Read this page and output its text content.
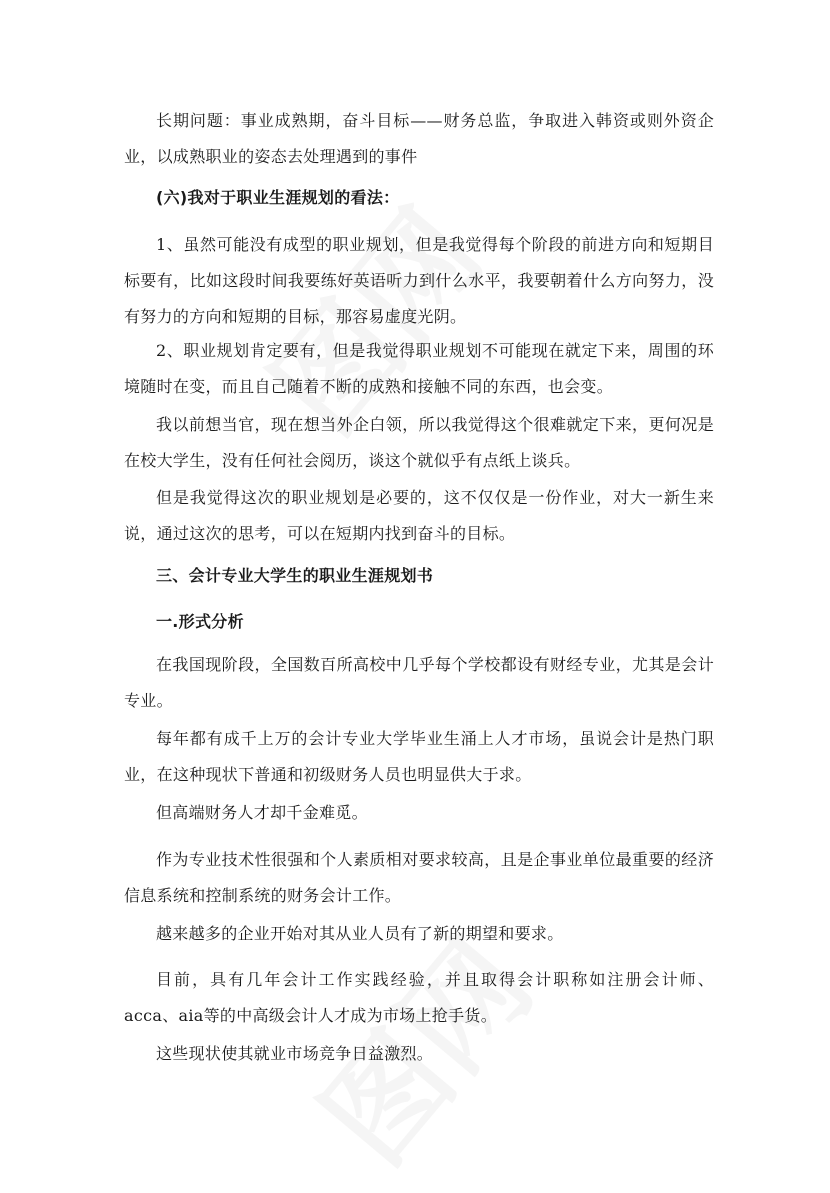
长期问题：事业成熟期，奋斗目标——财务总监，争取进入韩资或则外资企业，以成熟职业的姿态去处理遇到的事件

(六)我对于职业生涯规划的看法：

1、虽然可能没有成型的职业规划，但是我觉得每个阶段的前进方向和短期目标要有，比如这段时间我要练好英语听力到什么水平，我要朝着什么方向努力，没有努力的方向和短期的目标，那容易虚度光阴。

2、职业规划肯定要有，但是我觉得职业规划不可能现在就定下来，周围的环境随时在变，而且自己随着不断的成熟和接触不同的东西，也会变。

我以前想当官，现在想当外企白领，所以我觉得这个很难就定下来，更何况是在校大学生，没有任何社会阅历，谈这个就似乎有点纸上谈兵。

但是我觉得这次的职业规划是必要的，这不仅仅是一份作业，对大一新生来说，通过这次的思考，可以在短期内找到奋斗的目标。

三、会计专业大学生的职业生涯规划书

一.形式分析

在我国现阶段，全国数百所高校中几乎每个学校都设有财经专业，尤其是会计专业。

每年都有成千上万的会计专业大学毕业生涌上人才市场，虽说会计是热门职业，在这种现状下普通和初级财务人员也明显供大于求。

但高端财务人才却千金难觅。

作为专业技术性很强和个人素质相对要求较高，且是企事业单位最重要的经济信息系统和控制系统的财务会计工作。

越来越多的企业开始对其从业人员有了新的期望和要求。

目前，具有几年会计工作实践经验，并且取得会计职称如注册会计师、acca、aia等的中高级会计人才成为市场上抢手货。

这些现状使其就业市场竞争日益激烈。
